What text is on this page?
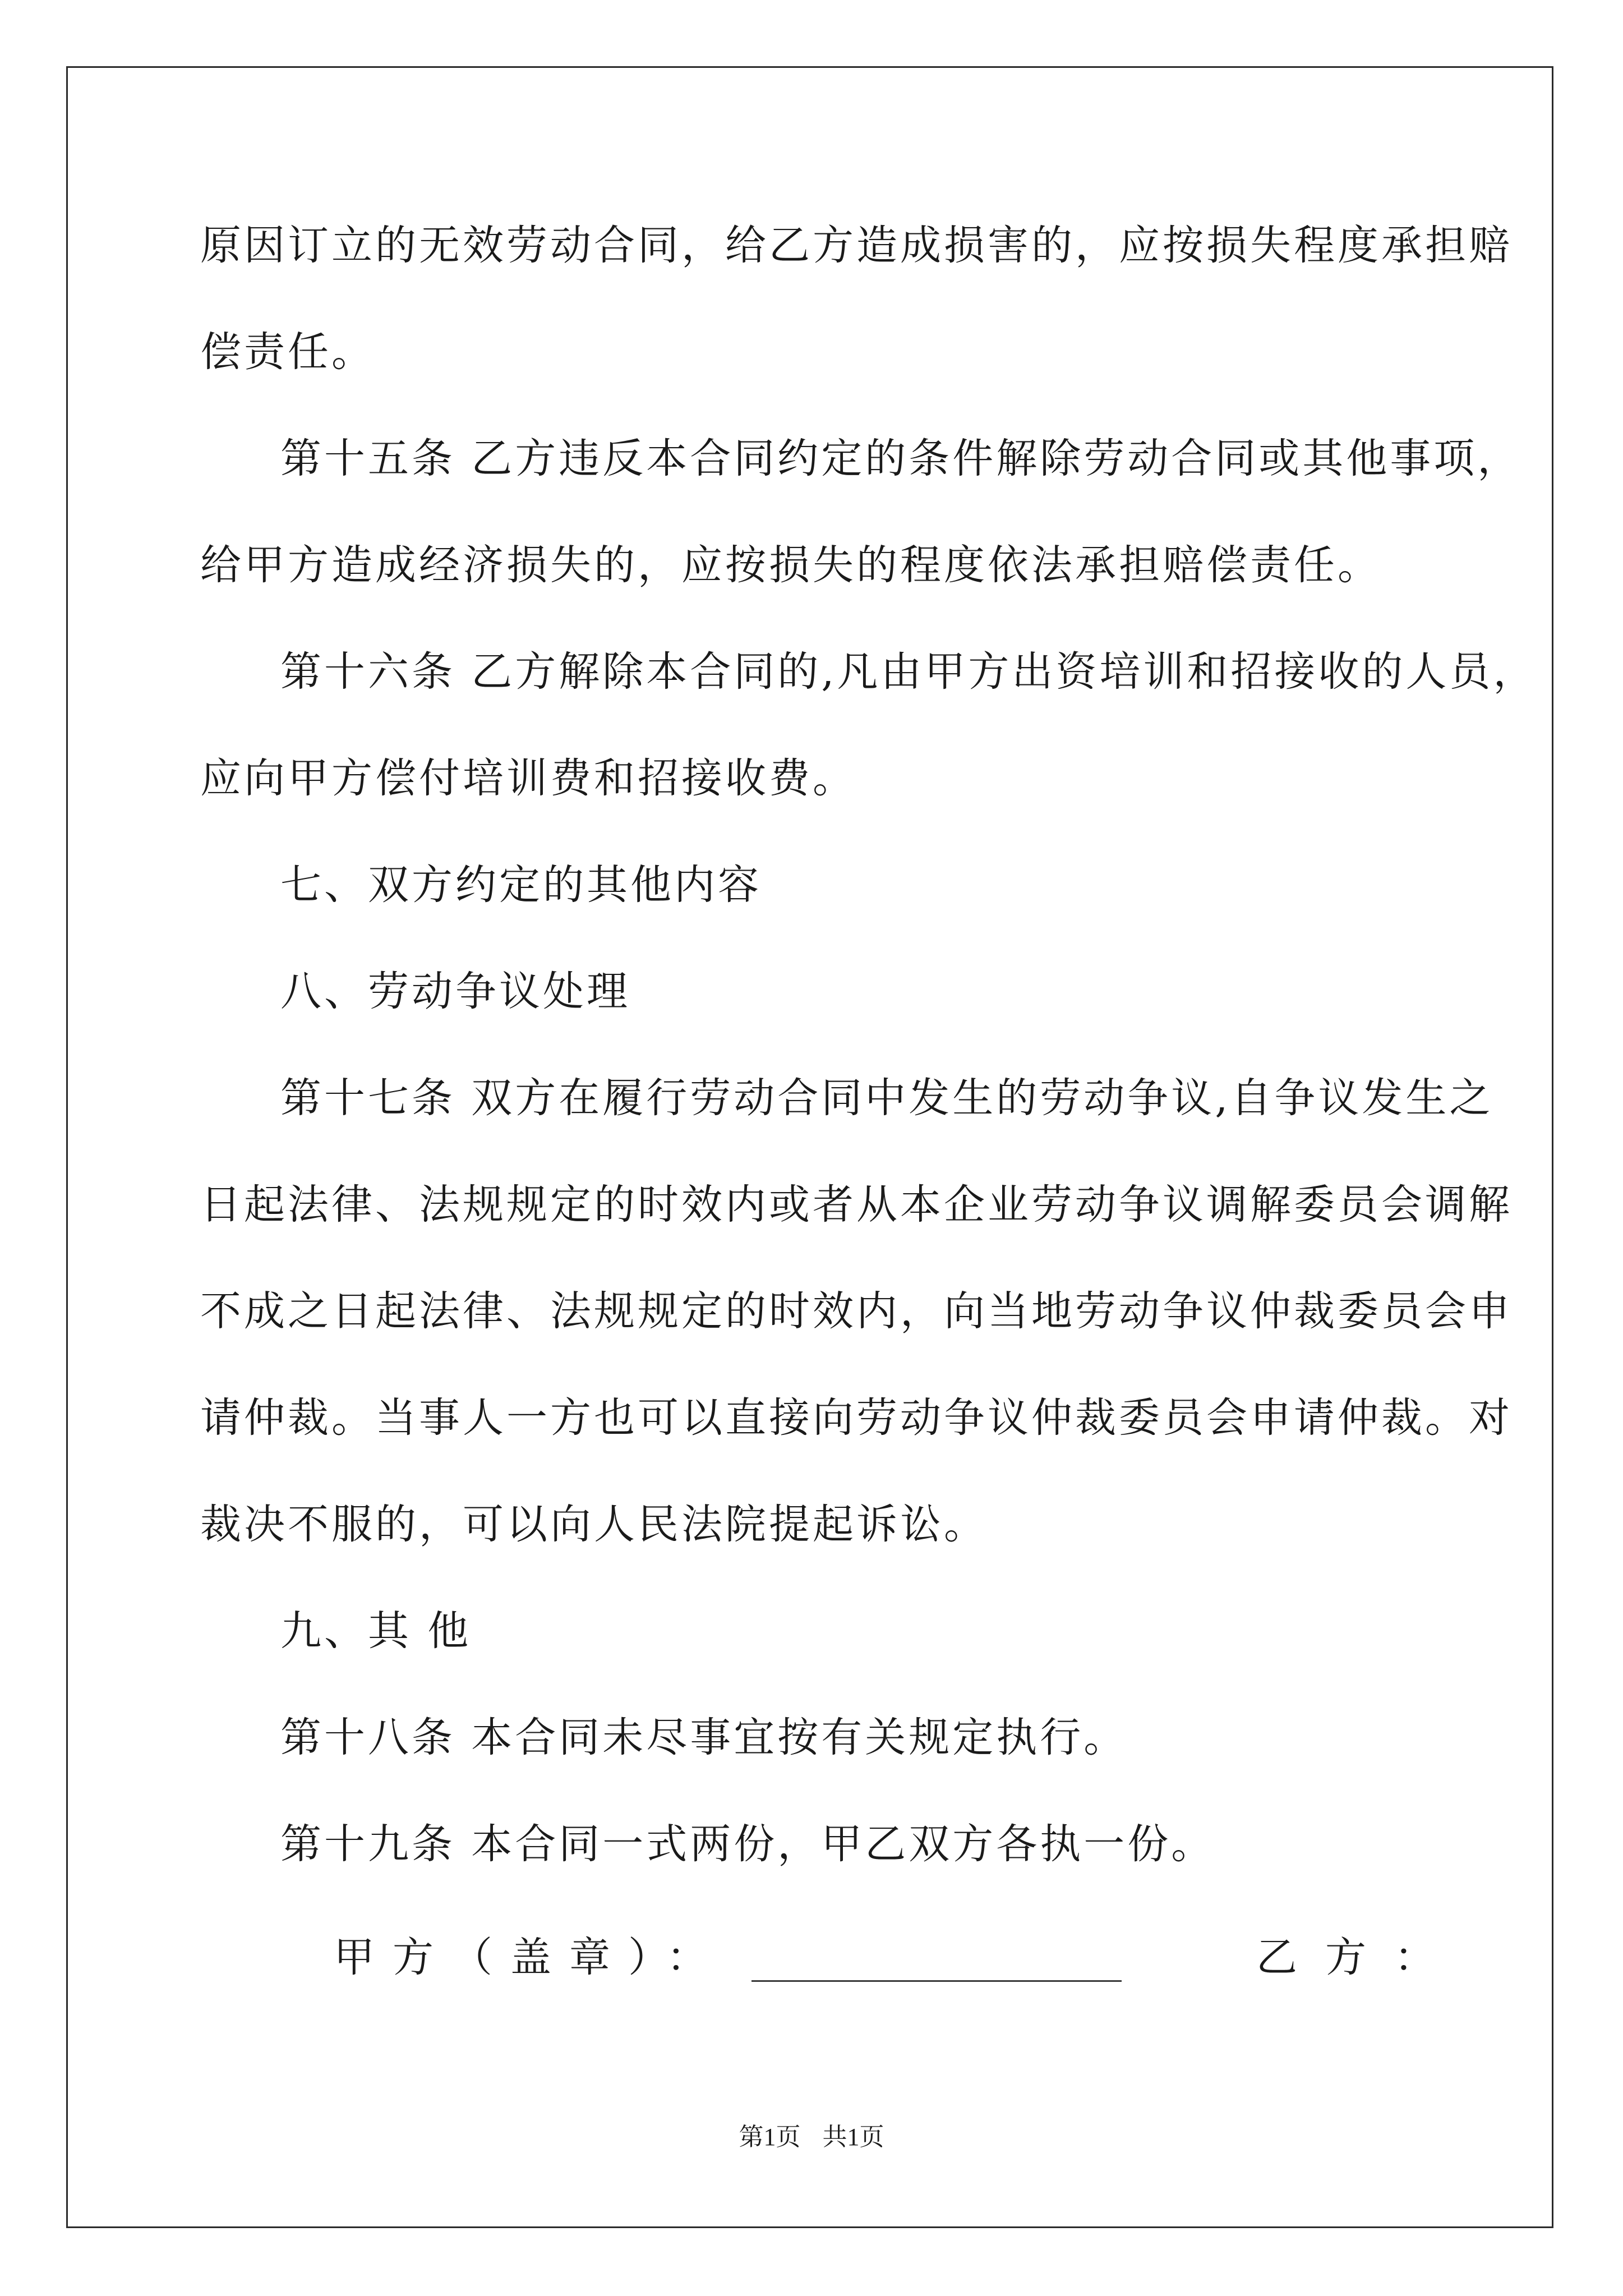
原因订立的无效劳动合同，给乙方造成损害的，应按损失程度承担赔
偿责任。
第十五条 乙方违反本合同约定的条件解除劳动合同或其他事项，
给甲方造成经济损失的，应按损失的程度依法承担赔偿责任。
第十六条 乙方解除本合同的,凡由甲方出资培训和招接收的人员，
应向甲方偿付培训费和招接收费。
七、双方约定的其他内容
八、劳动争议处理
第十七条 双方在履行劳动合同中发生的劳动争议,自争议发生之
日起法律、法规规定的时效内或者从本企业劳动争议调解委员会调解
不成之日起法律、法规规定的时效内，向当地劳动争议仲裁委员会申
请仲裁。当事人一方也可以直接向劳动争议仲裁委员会申请仲裁。对
裁决不服的，可以向人民法院提起诉讼。
九、其 他
第十八条 本合同未尽事宜按有关规定执行。
第十九条 本合同一式两份，甲乙双方各执一份。
甲方（盖章）：	乙方：
第1页 共1页
